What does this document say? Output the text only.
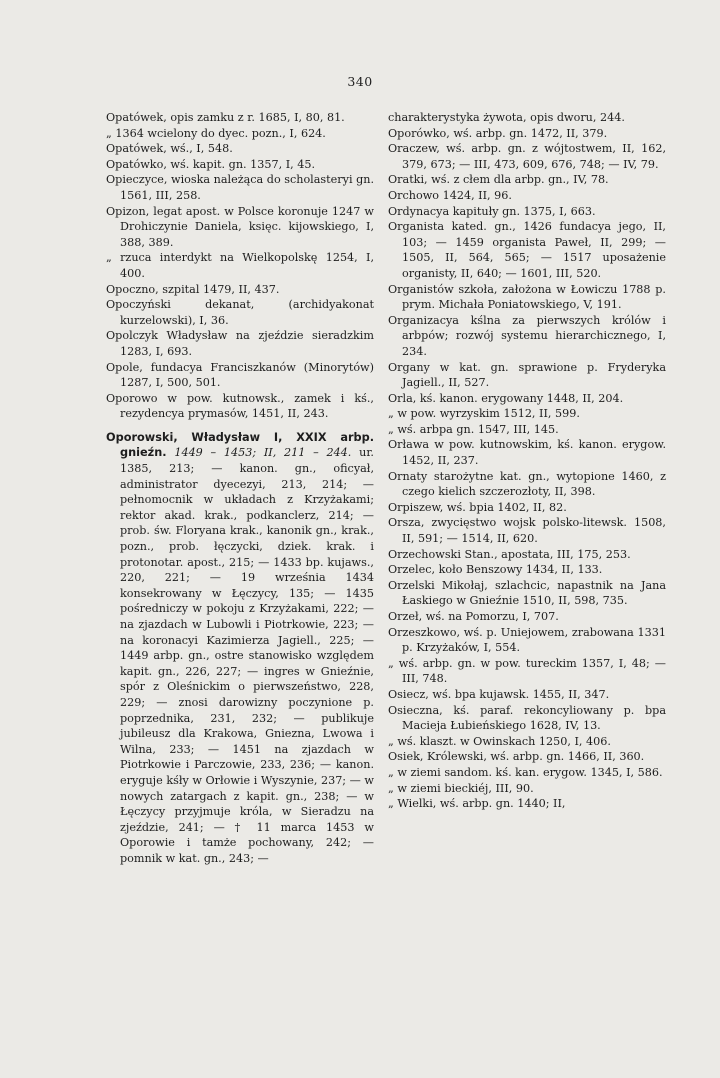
340

Opatówek, opis zamku z r. 1685, I, 80, 81.

„ 1364 wcielony do dyec. pozn., I, 624.

Opatówek, wś., I, 548.

Opatówko, wś. kapit. gn. 1357, I, 45.

Opieczyce, wioska należąca do scholasteryi gn. 1561, III, 258.

Opizon, legat apost. w Polsce koronuje 1247 w Drohiczynie Daniela, księc. kijowskiego, I, 388, 389.

„ rzuca interdykt na Wielkopolskę 1254, I, 400.

Opoczno, szpital 1479, II, 437.

Opoczyński dekanat, (archidyakonat kurzelowski), I, 36.

Opolczyk Władysław na zjeździe sieradzkim 1283, I, 693.

Opole, fundacya Franciszkanów (Minorytów) 1287, I, 500, 501.

Oporowo w pow. kutnowsk., zamek i kś., rezydencya prymasów, 1451, II, 243.

Oporowski, Władysław I, XXIX arbp. gnieźn. 1449 – 1453; II, 211 – 244. ur. 1385, 213; — kanon. gn., oficyał, administrator dyecezyi, 213, 214; — pełnomocnik w układach z Krzyżakami; rektor akad. krak., podkanclerz, 214; — prob. św. Floryana krak., kanonik gn., krak., pozn., prob. łęczycki, dziek. krak. i protonotar. apost., 215; — 1433 bp. kujaws., 220, 221; — 19 września 1434 konsekrowany w Łęczycy, 135; — 1435 pośredniczy w pokoju z Krzyżakami, 222; — na zjazdach w Lubowli i Piotrkowie, 223; — na koronacyi Kazimierza Jagiell., 225; — 1449 arbp. gn., ostre stanowisko względem kapit. gn., 226, 227; — ingres w Gnieźnie, spór z Oleśnickim o pierwszeństwo, 228, 229; — znosi darowizny poczynione p. poprzednika, 231, 232; — publikuje jubileusz dla Krakowa, Gniezna, Lwowa i Wilna, 233; — 1451 na zjazdach w Piotrkowie i Parczowie, 233, 236; — kanon. eryguje kśły w Orłowie i Wyszynie, 237; — w nowych zatargach z kapit. gn., 238; — w Łęczycy przyjmuje króla, w Sieradzu na zjeździe, 241; — † 11 marca 1453 w Oporowie i tamże pochowany, 242; — pomnik w kat. gn., 243; —

charakterystyka żywota, opis dworu, 244.

Oporówko, wś. arbp. gn. 1472, II, 379.

Oraczew, wś. arbp. gn. z wójtostwem, II, 162, 379, 673; — III, 473, 609, 676, 748; — IV, 79.

Oratki, wś. z cłem dla arbp. gn., IV, 78.

Orchowo 1424, II, 96.

Ordynacya kapituły gn. 1375, I, 663.

Organista kated. gn., 1426 fundacya jego, II, 103; — 1459 organista Paweł, II, 299; — 1505, II, 564, 565; — 1517 uposażenie organisty, II, 640; — 1601, III, 520.

Organistów szkoła, założona w Łowiczu 1788 p. prym. Michała Poniatowskiego, V, 191.

Organizacya kślna za pierwszych królów i arbpów; rozwój systemu hierarchicznego, I, 234.

Organy w kat. gn. sprawione p. Fryderyka Jagiell., II, 527.

Orla, kś. kanon. erygowany 1448, II, 204.

„ w pow. wyrzyskim 1512, II, 599.

„ wś. arbpa gn. 1547, III, 145.

Orława w pow. kutnowskim, kś. kanon. erygow. 1452, II, 237.

Ornaty starożytne kat. gn., wytopione 1460, z czego kielich szczerozłoty, II, 398.

Orpiszew, wś. bpia 1402, II, 82.

Orsza, zwycięstwo wojsk polsko-litewsk. 1508, II, 591; — 1514, II, 620.

Orzechowski Stan., apostata, III, 175, 253.

Orzelec, koło Benszowy 1434, II, 133.

Orzelski Mikołaj, szlachcic, napastnik na Jana Łaskiego w Gnieźnie 1510, II, 598, 735.

Orzeł, wś. na Pomorzu, I, 707.

Orzeszkowo, wś. p. Uniejowem, zrabowana 1331 p. Krzyżaków, I, 554.

„ wś. arbp. gn. w pow. tureckim 1357, I, 48; — III, 748.

Osiecz, wś. bpa kujawsk. 1455, II, 347.

Osieczna, kś. paraf. rekoncyliowany p. bpa Macieja Łubieńskiego 1628, IV, 13.

„ wś. klaszt. w Owinskach 1250, I, 406.

Osiek, Królewski, wś. arbp. gn. 1466, II, 360.

„ w ziemi sandom. kś. kan. erygow. 1345, I, 586.

„ w ziemi bieckiéj, III, 90.

„ Wielki, wś. arbp. gn. 1440; II,
